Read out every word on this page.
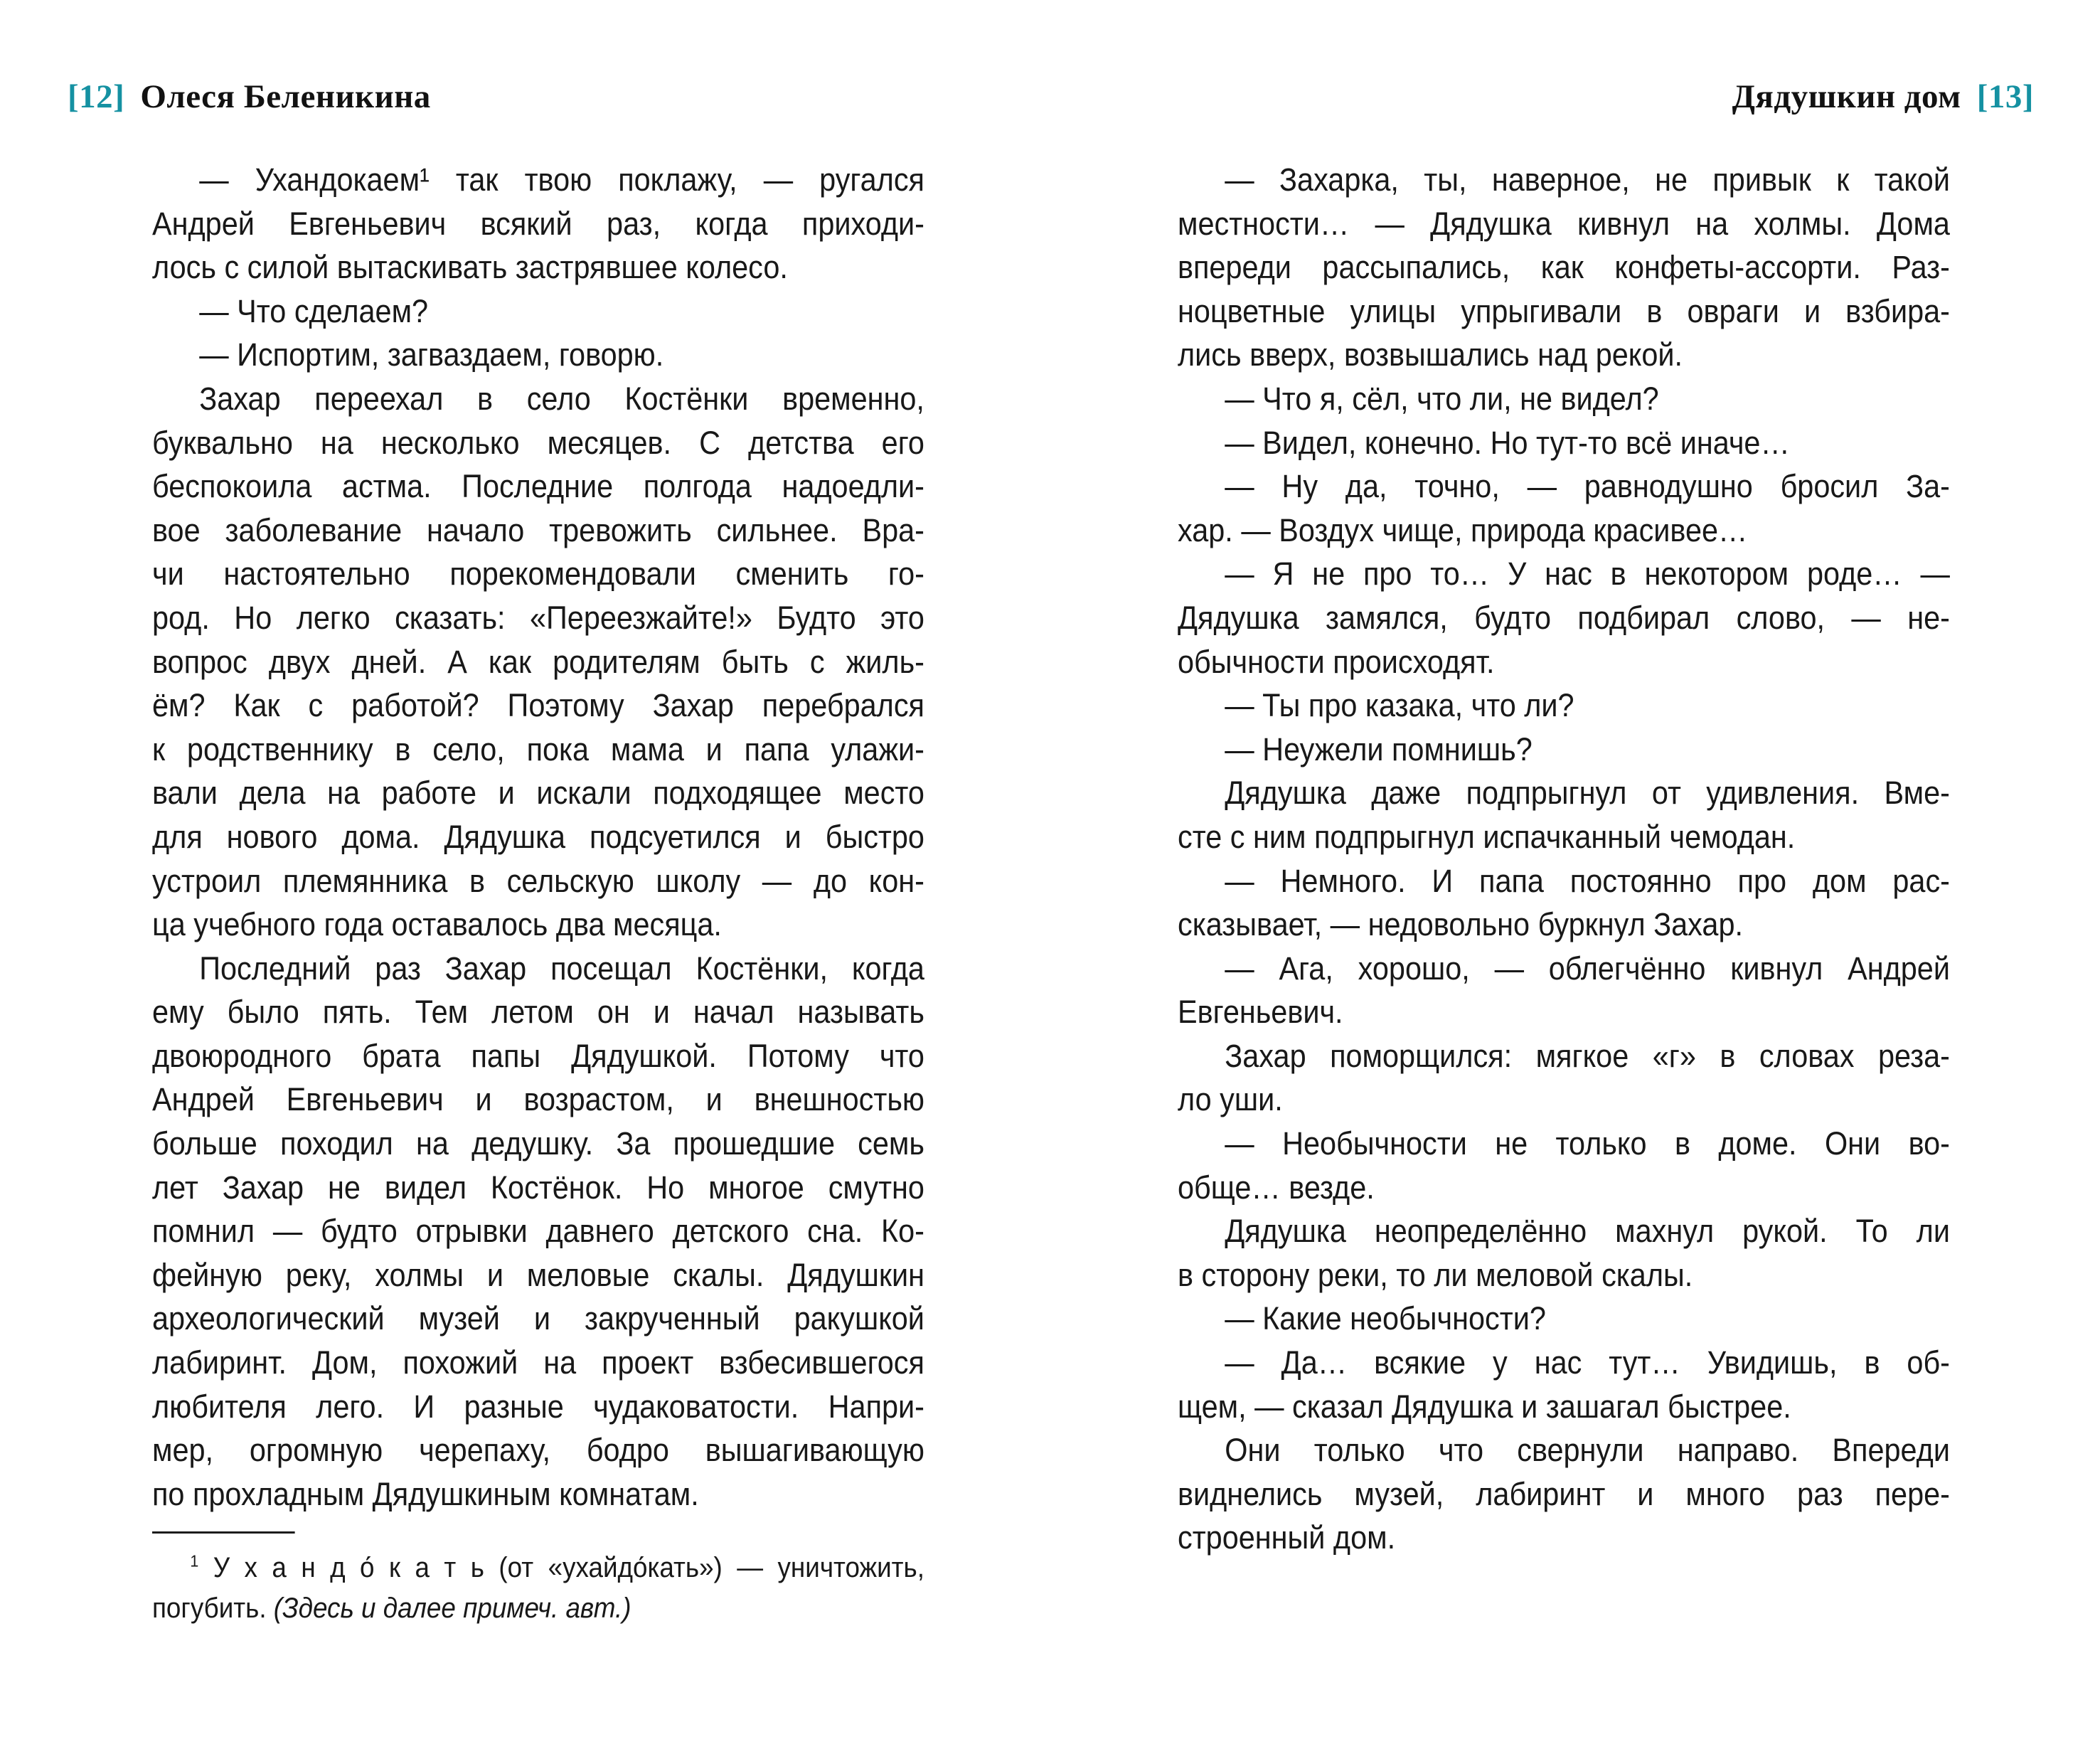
[12] Олеся Беленикина	Дядушкин дом [13]
— Ухандокаем¹ так твою поклажу, — ругался
Андрей Евгеньевич всякий раз, когда приходи-
лось с силой вытаскивать застрявшее колесо.
— Что сделаем?
— Испортим, загваздаем, говорю.
Захар переехал в село Костёнки временно,
буквально на несколько месяцев. С детства его
беспокоила астма. Последние полгода надоедли-
вое заболевание начало тревожить сильнее. Вра-
чи настоятельно порекомендовали сменить го-
род. Но легко сказать: «Переезжайте!» Будто это
вопрос двух дней. А как родителям быть с жиль-
ём? Как с работой? Поэтому Захар перебрался
к родственнику в село, пока мама и папа улажи-
вали дела на работе и искали подходящее место
для нового дома. Дядушка подсуетился и быстро
устроил племянника в сельскую школу — до кон-
ца учебного года оставалось два месяца.
Последний раз Захар посещал Костёнки, когда
ему было пять. Тем летом он и начал называть
двоюродного брата папы Дядушкой. Потому что
Андрей Евгеньевич и возрастом, и внешностью
больше походил на дедушку. За прошедшие семь
лет Захар не видел Костёнок. Но многое смутно
помнил — будто отрывки давнего детского сна. Ко-
фейную реку, холмы и меловые скалы. Дядушкин
археологический музей и закрученный ракушкой
лабиринт. Дом, похожий на проект взбесившегося
любителя лего. И разные чудаковатости. Напри-
мер, огромную черепаху, бодро вышагивающую
по прохладным Дядушкиным комнатам.
$^1$ У х а н д о́ к а т ь (от «ухайдо́кать») — уничтожить,
погубить. (Здесь и далее примеч. авт.)
— Захарка, ты, наверное, не привык к такой
местности… — Дядушка кивнул на холмы. Дома
впереди рассыпались, как конфеты-ассорти. Раз-
ноцветные улицы упрыгивали в овраги и взбира-
лись вверх, возвышались над рекой.
— Что я, сёл, что ли, не видел?
— Видел, конечно. Но тут-то всё иначе…
— Ну да, точно, — равнодушно бросил За-
хар. — Воздух чище, природа красивее…
— Я не про то… У нас в некотором роде… —
Дядушка замялся, будто подбирал слово, — не-
обычности происходят.
— Ты про казака, что ли?
— Неужели помнишь?
Дядушка даже подпрыгнул от удивления. Вме-
сте с ним подпрыгнул испачканный чемодан.
— Немного. И папа постоянно про дом рас-
сказывает, — недовольно буркнул Захар.
— Ага, хорошо, — облегчённо кивнул Андрей
Евгеньевич.
Захар поморщился: мягкое «г» в словах реза-
ло уши.
— Необычности не только в доме. Они во-
обще… везде.
Дядушка неопределённо махнул рукой. То ли
в сторону реки, то ли меловой скалы.
— Какие необычности?
— Да… всякие у нас тут… Увидишь, в об-
щем, — сказал Дядушка и зашагал быстрее.
Они только что свернули направо. Впереди
виднелись музей, лабиринт и много раз пере-
строенный дом.
